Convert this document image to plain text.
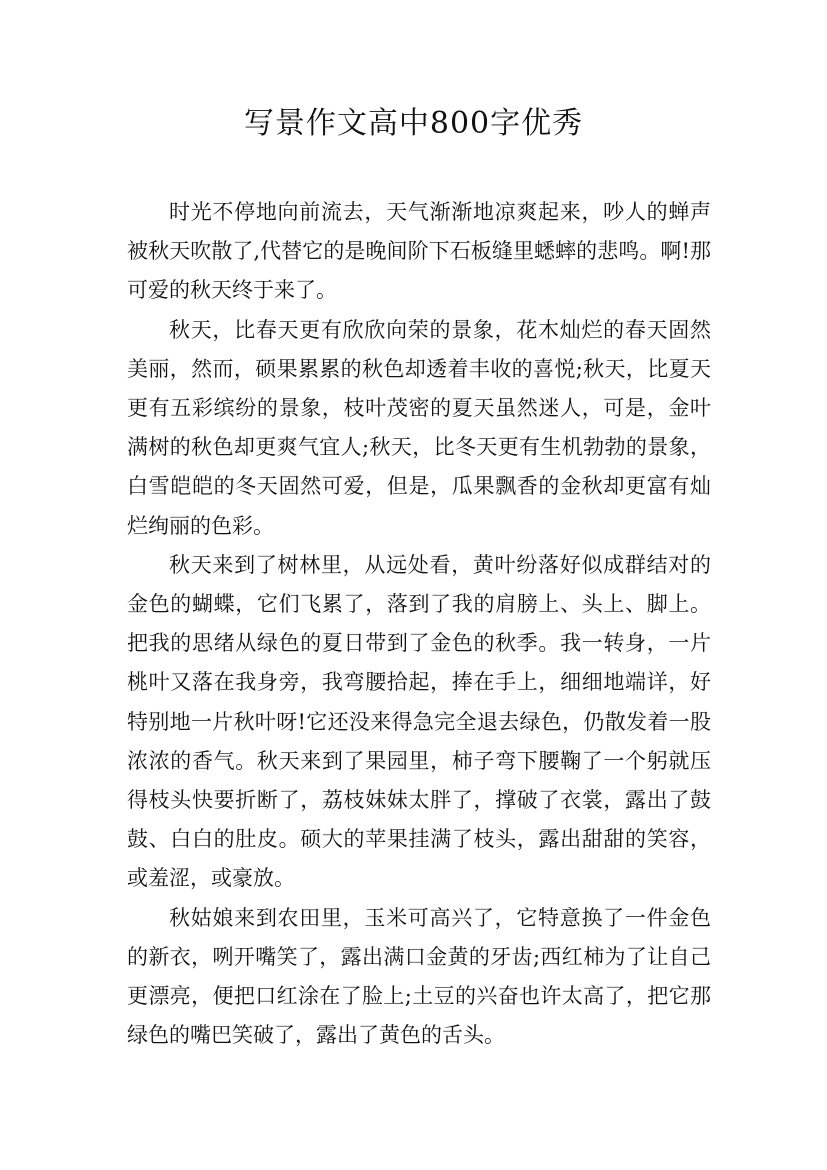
写景作文高中800字优秀

时光不停地向前流去，天气渐渐地凉爽起来，吵人的蝉声被秋天吹散了,代替它的是晚间阶下石板缝里蟋蟀的悲鸣。啊!那可爱的秋天终于来了。

秋天，比春天更有欣欣向荣的景象，花木灿烂的春天固然美丽，然而，硕果累累的秋色却透着丰收的喜悦;秋天，比夏天更有五彩缤纷的景象，枝叶茂密的夏天虽然迷人，可是，金叶满树的秋色却更爽气宜人;秋天，比冬天更有生机勃勃的景象，白雪皑皑的冬天固然可爱，但是，瓜果飘香的金秋却更富有灿烂绚丽的色彩。

秋天来到了树林里，从远处看，黄叶纷落好似成群结对的金色的蝴蝶，它们飞累了，落到了我的肩膀上、头上、脚上。把我的思绪从绿色的夏日带到了金色的秋季。我一转身，一片桃叶又落在我身旁，我弯腰拾起，捧在手上，细细地端详，好特别地一片秋叶呀!它还没来得急完全退去绿色，仍散发着一股浓浓的香气。秋天来到了果园里，柿子弯下腰鞠了一个躬就压得枝头快要折断了，荔枝妹妹太胖了，撑破了衣裳，露出了鼓鼓、白白的肚皮。硕大的苹果挂满了枝头，露出甜甜的笑容，或羞涩，或豪放。

秋姑娘来到农田里，玉米可高兴了，它特意换了一件金色的新衣，咧开嘴笑了，露出满口金黄的牙齿;西红柿为了让自己更漂亮，便把口红涂在了脸上;土豆的兴奋也许太高了，把它那绿色的嘴巴笑破了，露出了黄色的舌头。
